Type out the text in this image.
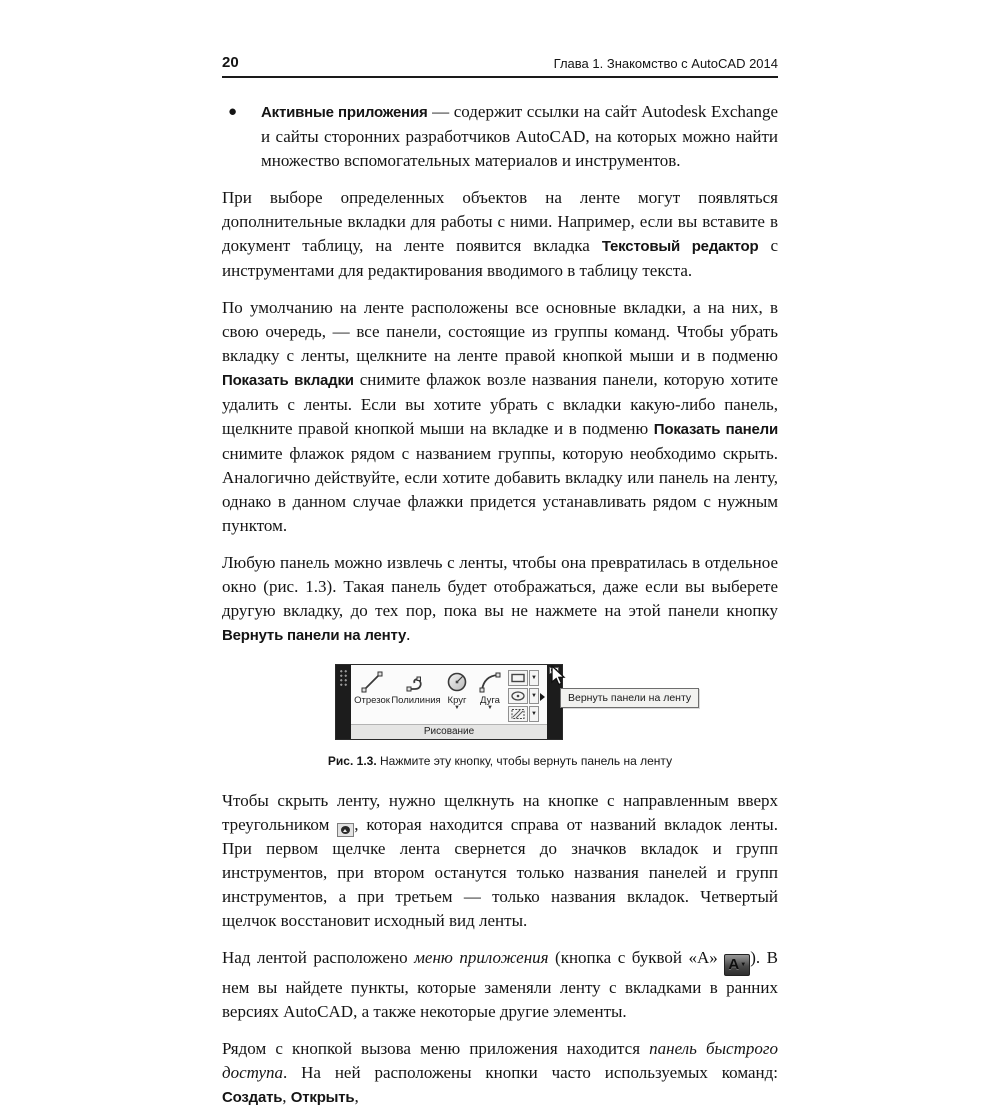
20	Глава 1. Знакомство с AutoCAD 2014
●	Активные приложения — содержит ссылки на сайт Autodesk Exchange и сайты сторонних разработчиков AutoCAD, на которых можно найти множество вспомогательных материалов и инструментов.

При выборе определенных объектов на ленте могут появляться дополнительные вкладки для работы с ними. Например, если вы вставите в документ таблицу, на ленте появится вкладка Текстовый редактор с инструментами для редактирования вводимого в таблицу текста.

По умолчанию на ленте расположены все основные вкладки, а на них, в свою очередь, — все панели, состоящие из группы команд. Чтобы убрать вкладку с ленты, щелкните на ленте правой кнопкой мыши и в подменю Показать вкладки снимите флажок возле названия панели, которую хотите удалить с ленты. Если вы хотите убрать с вкладки какую-либо панель, щелкните правой кнопкой мыши на вкладке и в подменю Показать панели снимите флажок рядом с названием группы, которую необходимо скрыть. Аналогично действуйте, если хотите добавить вкладку или панель на ленту, однако в данном случае флажки придется устанавливать рядом с нужным пунктом.

Любую панель можно извлечь с ленты, чтобы она превратилась в отдельное окно (рис. 1.3). Такая панель будет отображаться, даже если вы выберете другую вкладку, до тех пор, пока вы не нажмете на этой панели кнопку Вернуть панели на ленту.

Отрезок Полилиния Круг
▼
Дуга
▼
▼
▼
▼
Рисование
Вернуть панели на ленту
Рис. 1.3. Нажмите эту кнопку, чтобы вернуть панель на ленту

Чтобы скрыть ленту, нужно щелкнуть на кнопке с направленным вверх треугольником
, которая находится справа от названий вкладок ленты. При первом щелчке лента свернется до значков вкладок и групп инструментов, при втором останутся только названия панелей и групп инструментов, а при третьем — только названия вкладок. Четвертый щелчок восстановит исходный вид ленты.

Над лентой расположено меню приложения (кнопка с буквой «А» A ▼ ). В нем вы найдете пункты, которые заменяли ленту с вкладками в ранних версиях AutoCAD, а также некоторые другие элементы.

Рядом с кнопкой вызова меню приложения находится панель быстрого доступа. На ней расположены кнопки часто используемых команд: Создать, Открыть,
